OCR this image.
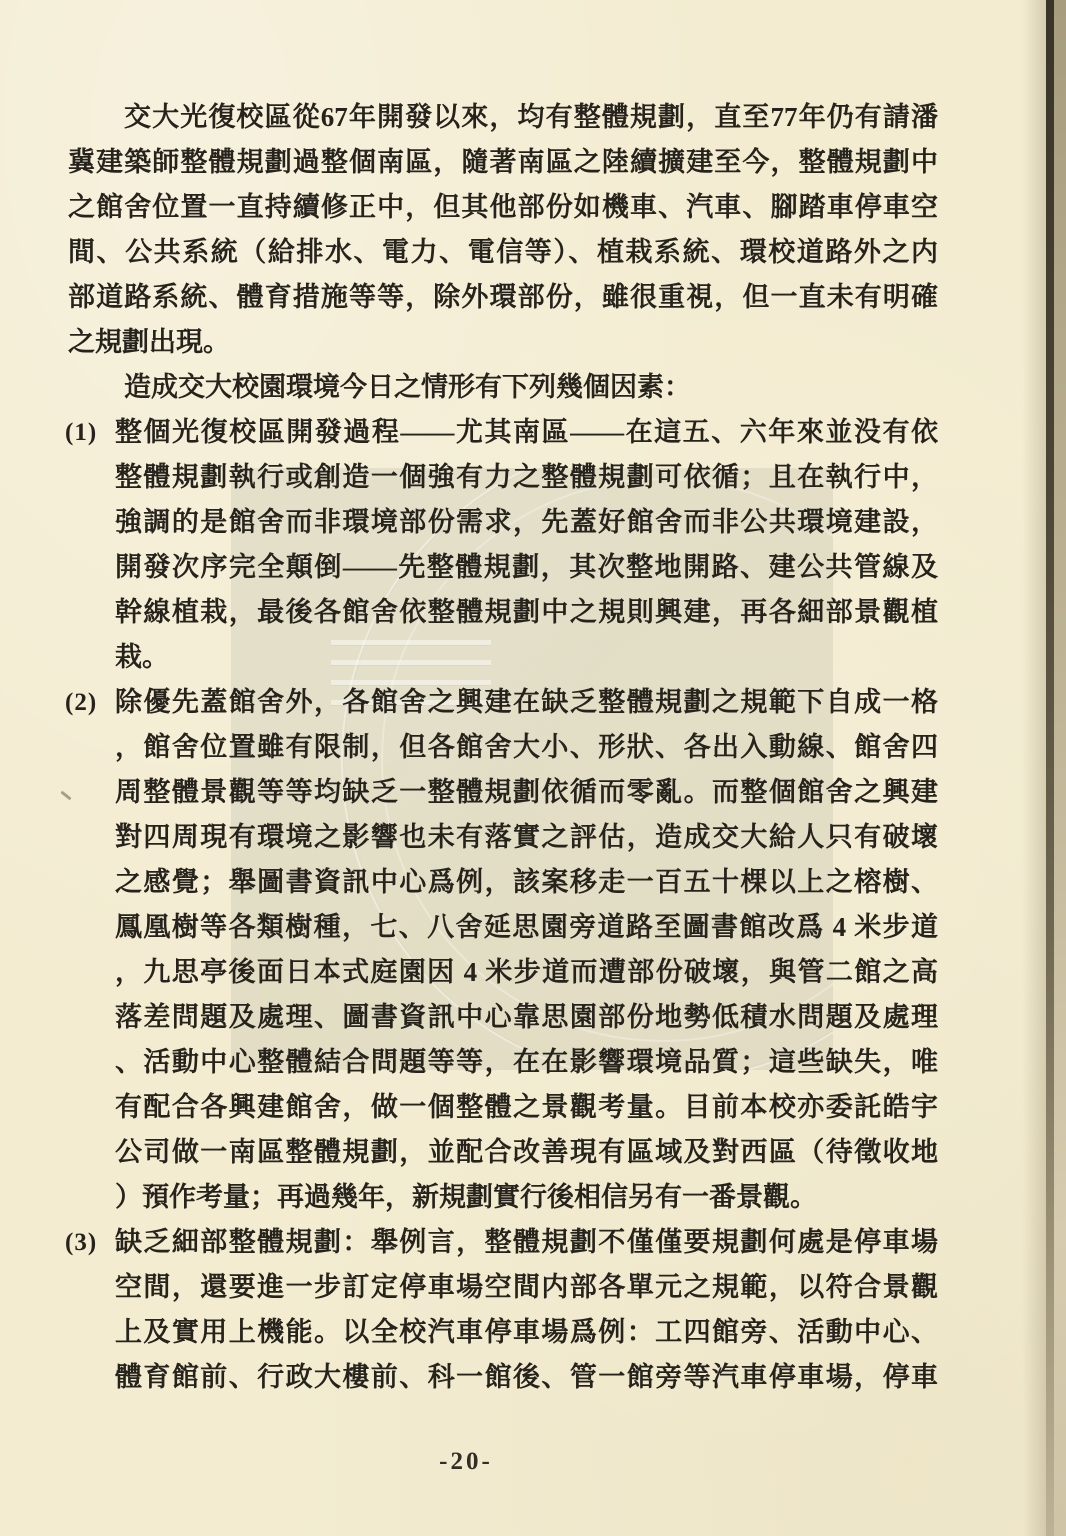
交大光復校區從67年開發以來，均有整體規劃，直至77年仍有請潘
冀建築師整體規劃過整個南區，隨著南區之陸續擴建至今，整體規劃中
之館舍位置一直持續修正中，但其他部份如機車、汽車、腳踏車停車空
間、公共系統（給排水、電力、電信等）、植栽系統、環校道路外之内
部道路系統、體育措施等等，除外環部份，雖很重視，但一直未有明確
之規劃出現。
造成交大校園環境今日之情形有下列幾個因素：
(1) 整個光復校區開發過程——尤其南區——在這五、六年來並没有依
整體規劃執行或創造一個強有力之整體規劃可依循；且在執行中，
強調的是館舍而非環境部份需求，先蓋好館舍而非公共環境建設，
開發次序完全顛倒——先整體規劃，其次整地開路、建公共管線及
幹線植栽，最後各館舍依整體規劃中之規則興建，再各細部景觀植
栽。
(2) 除優先蓋館舍外，各館舍之興建在缺乏整體規劃之規範下自成一格
，館舍位置雖有限制，但各館舍大小、形狀、各出入動線、館舍四
周整體景觀等等均缺乏一整體規劃依循而零亂。而整個館舍之興建
對四周現有環境之影響也未有落實之評估，造成交大給人只有破壞
之感覺；舉圖書資訊中心爲例，該案移走一百五十棵以上之榕樹、
鳳凰樹等各類樹種，七、八舍延思園旁道路至圖書館改爲 4 米步道
，九思亭後面日本式庭園因 4 米步道而遭部份破壞，與管二館之高
落差問題及處理、圖書資訊中心靠思園部份地勢低積水問題及處理
、活動中心整體結合問題等等，在在影響環境品質；這些缺失，唯
有配合各興建館舍，做一個整體之景觀考量。目前本校亦委託皓宇
公司做一南區整體規劃，並配合改善現有區域及對西區（待徵收地
）預作考量；再過幾年，新規劃實行後相信另有一番景觀。
(3) 缺乏細部整體規劃：舉例言，整體規劃不僅僅要規劃何處是停車場
空間，還要進一步訂定停車場空間内部各單元之規範，以符合景觀
上及實用上機能。以全校汽車停車場爲例：工四館旁、活動中心、
體育館前、行政大樓前、科一館後、管一館旁等汽車停車場，停車
-20-
